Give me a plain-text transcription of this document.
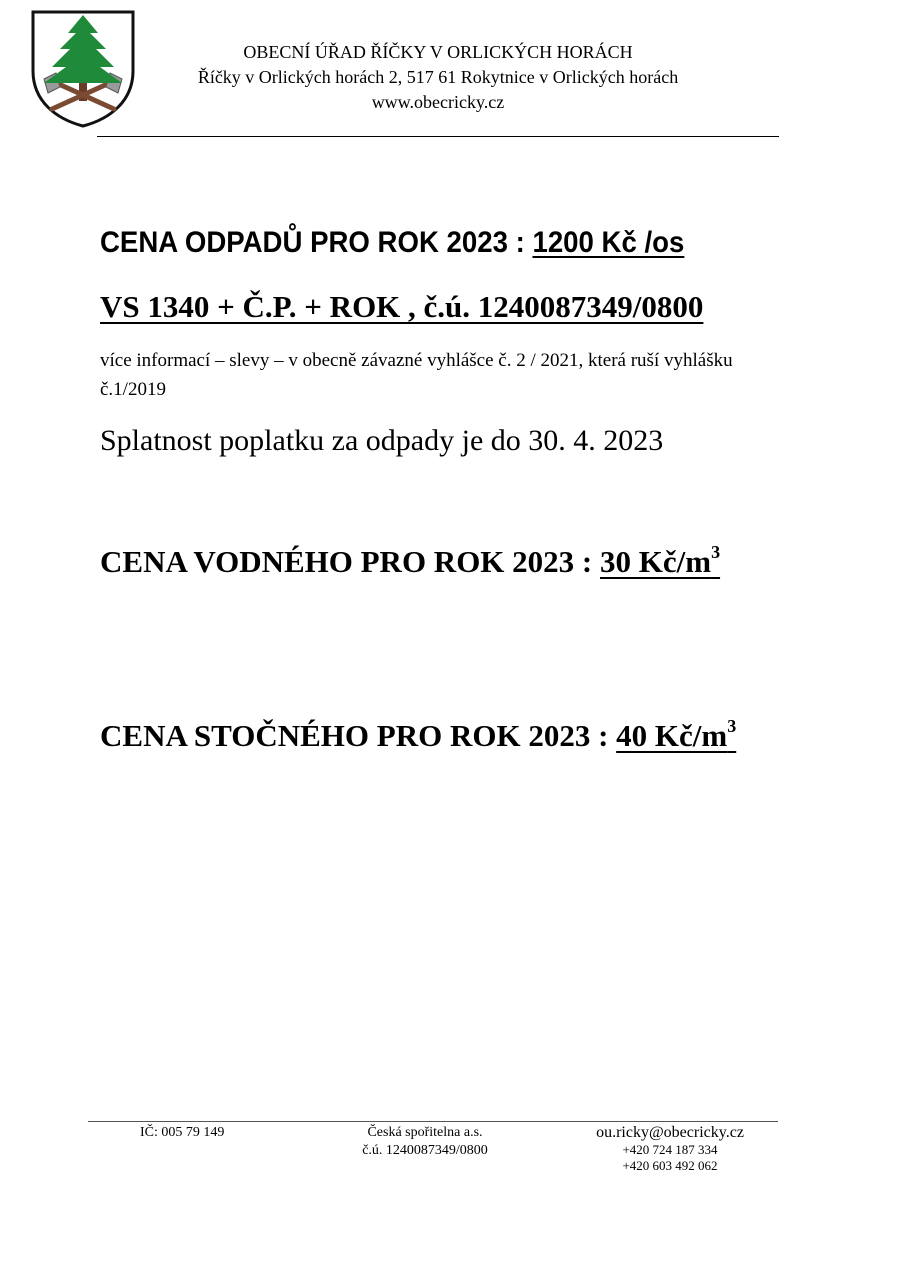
OBECNÍ ÚŘAD ŘÍČKY V ORLICKÝCH HORÁCH
Říčky v Orlických horách 2, 517 61 Rokytnice v Orlických horách
www.obecricky.cz
CENA ODPADŮ PRO ROK 2023 : 1200 Kč /os
VS 1340 + Č.P. + ROK , č.ú. 1240087349/0800
více informací – slevy – v obecně závazné vyhlášce č. 2 / 2021, která ruší vyhlášku č.1/2019
Splatnost poplatku za odpady je do 30. 4. 2023
CENA VODNÉHO PRO ROK 2023 : 30 $Kč/m^3$
CENA STOČNÉHO PRO ROK 2023 : 40 $Kč/m^3$
IČ: 005 79 149	Česká spořitelna a.s.
č.ú. 1240087349/0800
ou.ricky@obecricky.cz
+420 724 187 334
+420 603 492 062
